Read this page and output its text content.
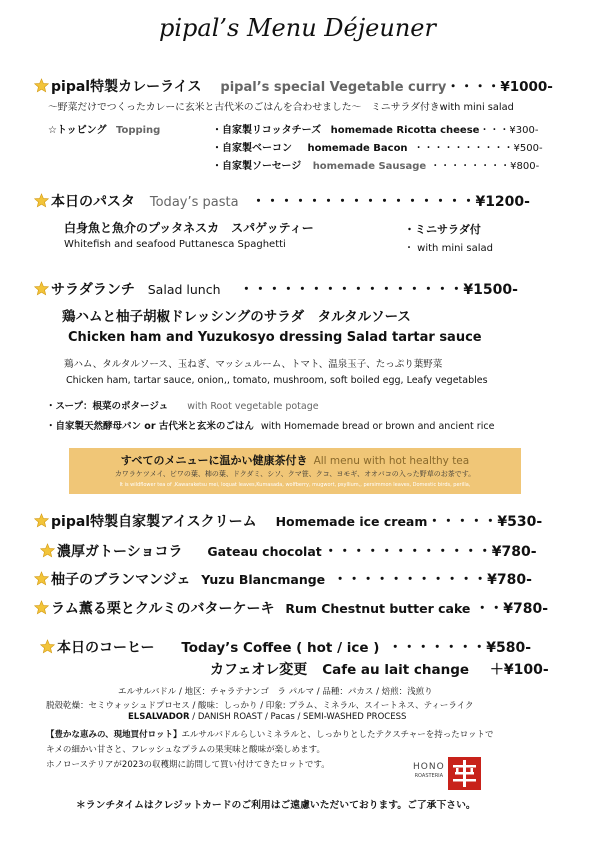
pipal’s Menu Déjeuner
pipal特製カレーライス pipal’s special Vegetable curry・・・・¥1000-
〜野菜だけでつくったカレーに玄米と古代米のごはんを合わせました〜　ミニサラダ付きwith mini salad
☆トッピング Topping	・自家製リコッタチーズ homemade Ricotta cheese・・・¥300-
・自家製ベーコン homemade Bacon ・・・・・・・・・・¥500-
・自家製ソーセージ homemade Sausage ・・・・・・・・¥800-
本日のパスタ Today’s pasta ・・・・・・・・・・・・・・・・¥1200-
白身魚と魚介のプッタネスカ　スパゲッティー	・ミニサラダ付
Whitefish and seafood Puttanesca Spaghetti	・ with mini salad
サラダランチ Salad lunch ・・・・・・・・・・・・・・・・¥1500-
鶏ハムと柚子胡椒ドレッシングのサラダ　タルタルソース
Chicken ham and Yuzukosyo dressing Salad tartar sauce
鶏ハム、タルタルソース、玉ねぎ、マッシュルーム、トマト、温泉玉子、たっぷり葉野菜
Chicken ham, tartar sauce, onion,, tomato, mushroom, soft boiled egg, Leafy vegetables
・スープ：根菜のポタージュ with Root vegetable potage
・自家製天然酵母パン or 古代米と玄米のごはん with Homemade bread or brown and ancient rice
すべてのメニューに温かい健康茶付き All menu with hot healthy tea
カワラケツメイ、ビワの葉、柿の葉、ドクダミ、シソ、クマ笹、クコ、ヨモギ、オオバコの入った野草のお茶です。
It is wildflower tea of ,Kawaraketsu mei, loquat leaves,Kumasada, wolfberry, mugwort, psyllium,, persimmon leaves, Domestic birds, perilla,
pipal特製自家製アイスクリーム Homemade ice cream・・・・・¥530-
濃厚ガトーショコラ Gateau chocolat ・・・・・・・・・・・・¥780-
柚子のブランマンジェ Yuzu Blancmange ・・・・・・・・・・・¥780-
ラム薫る栗とクルミのバターケーキ Rum Chestnut butter cake ・・¥780-
本日のコーヒー Today’s Coffee ( hot / ice ) ・・・・・・・¥580-
カフェオレ変更 Cafe au lait change ＋¥100-
エルサルバドル / 地区：チャラテナンゴ　ラ パルマ / 品種：パカス / 焙煎：浅煎り
脱殻乾燥：セミウォッシュドプロセス / 酸味：しっかり / 印象: プラム、ミネラル、スイートネス、ティーライク
ELSALVADOR / DANISH ROAST / Pacas / SEMI-WASHED PROCESS
【豊かな恵みの、現地買付ロット】エルサルバドルらしいミネラルと、しっかりとしたテクスチャーを持ったロットで
キメの細かい甘さと、フレッシュなプラムの果実味と酸味が楽しめます。
ホノローステリアが2023の収穫期に訪問して買い付けてきたロットです。	HONO
ROASTERIA
＊ランチタイムはクレジットカードのご利用はご遠慮いただいております。ご了承下さい。
